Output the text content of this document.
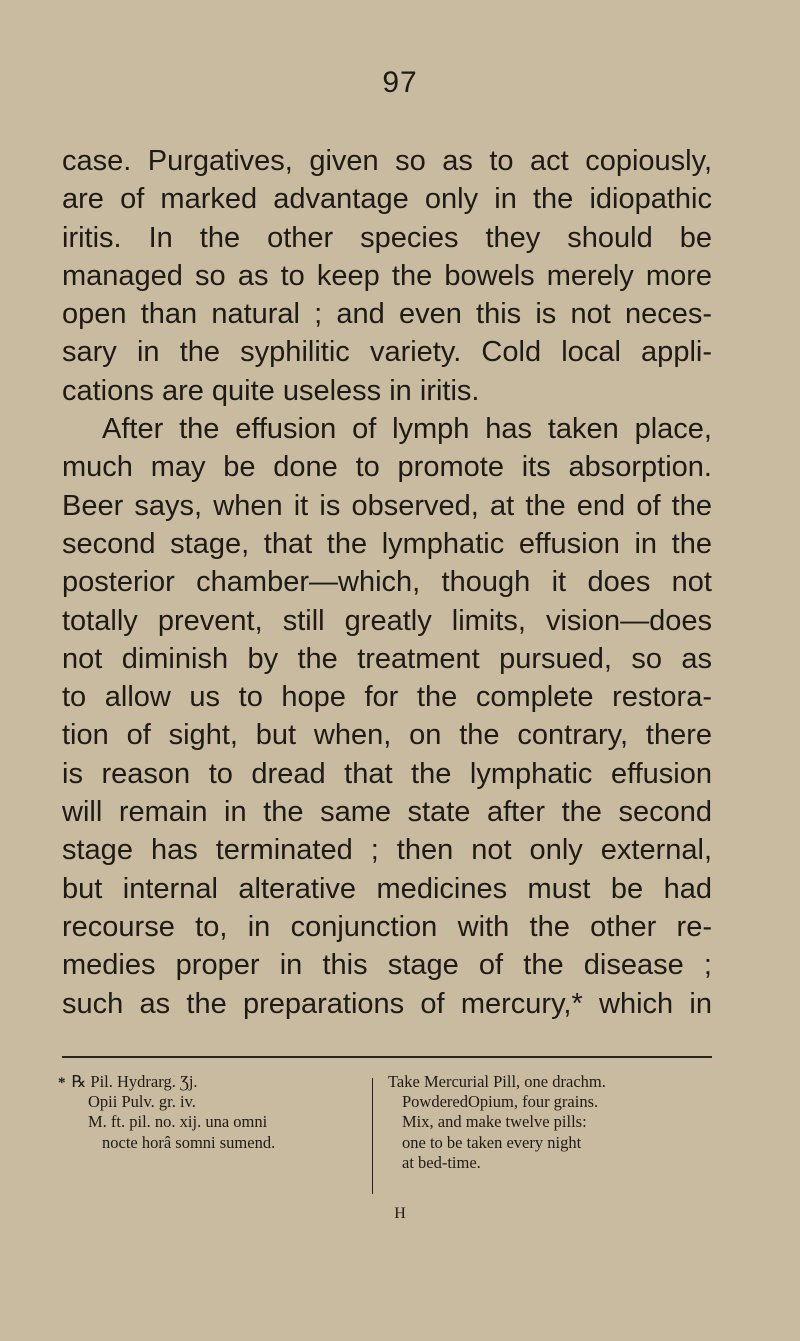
97
case. Purgatives, given so as to act copiously,
are of marked advantage only in the idiopathic
iritis. In the other species they should be
managed so as to keep the bowels merely more
open than natural ; and even this is not neces-
sary in the syphilitic variety. Cold local appli-
cations are quite useless in iritis.
After the effusion of lymph has taken place,
much may be done to promote its absorption.
Beer says, when it is observed, at the end of the
second stage, that the lymphatic effusion in the
posterior chamber—which, though it does not
totally prevent, still greatly limits, vision—does
not diminish by the treatment pursued, so as
to allow us to hope for the complete restora-
tion of sight, but when, on the contrary, there
is reason to dread that the lymphatic effusion
will remain in the same state after the second
stage has terminated ; then not only external,
but internal alterative medicines must be had
recourse to, in conjunction with the other re-
medies proper in this stage of the disease ;
such as the preparations of mercury,* which in
* ℞ Pil. Hydrarg. Ʒj.
Opii Pulv. gr. iv.
M. ft. pil. no. xij. una omni
nocte horâ somni sumend.
Take Mercurial Pill, one drachm.
PowderedOpium, four grains.
Mix, and make twelve pills:
one to be taken every night
at bed-time.
H
